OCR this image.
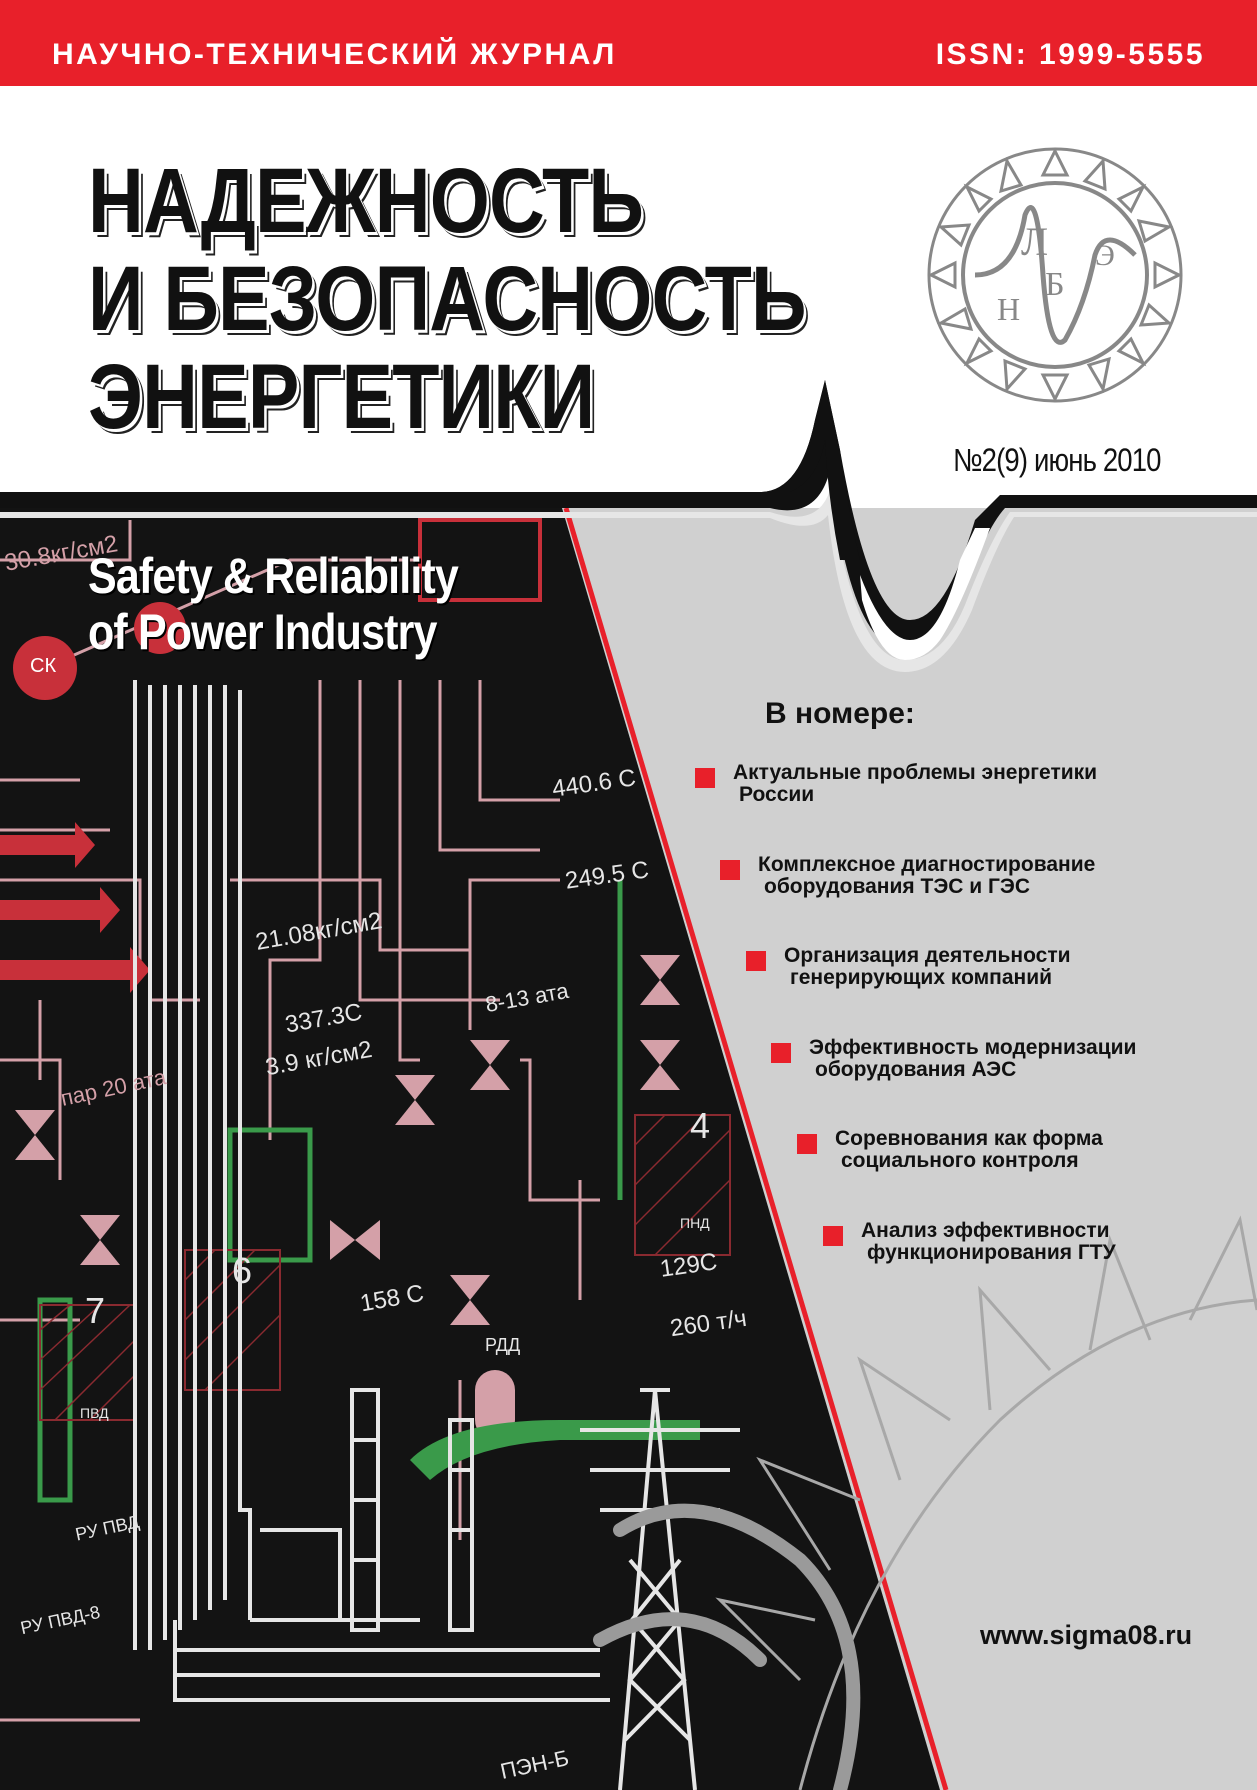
НАУЧНО-ТЕХНИЧЕСКИЙ ЖУРНАЛ	ISSN: 1999-5555
30.8кг/см2
СК
440.6 С
249.5 С
21.08кг/см2
337.3С
3.9 кг/см2
8-13 ата
пар 20 ата
129С
260 т/ч
158 С
РДД
ПЭН-Б
РУ ПВД
РУ ПВД-8
ПВД
ПНД
7
6
4
Л
Б
Э
Н
НАДЕЖНОСТЬ
И БЕЗОПАСНОСТЬ
ЭНЕРГЕТИКИ
№2(9) июнь 2010
Safety & Reliability
of Power Industry
В номере:
Актуальные проблемы энергетики
России
Комплексное диагностирование
оборудования ТЭС и ГЭС
Организация деятельности
генерирующих компаний
Эффективность модернизации
оборудования АЭС
Соревнования как форма
социального контроля
Анализ эффективности
функционирования ГТУ
www.sigma08.ru
